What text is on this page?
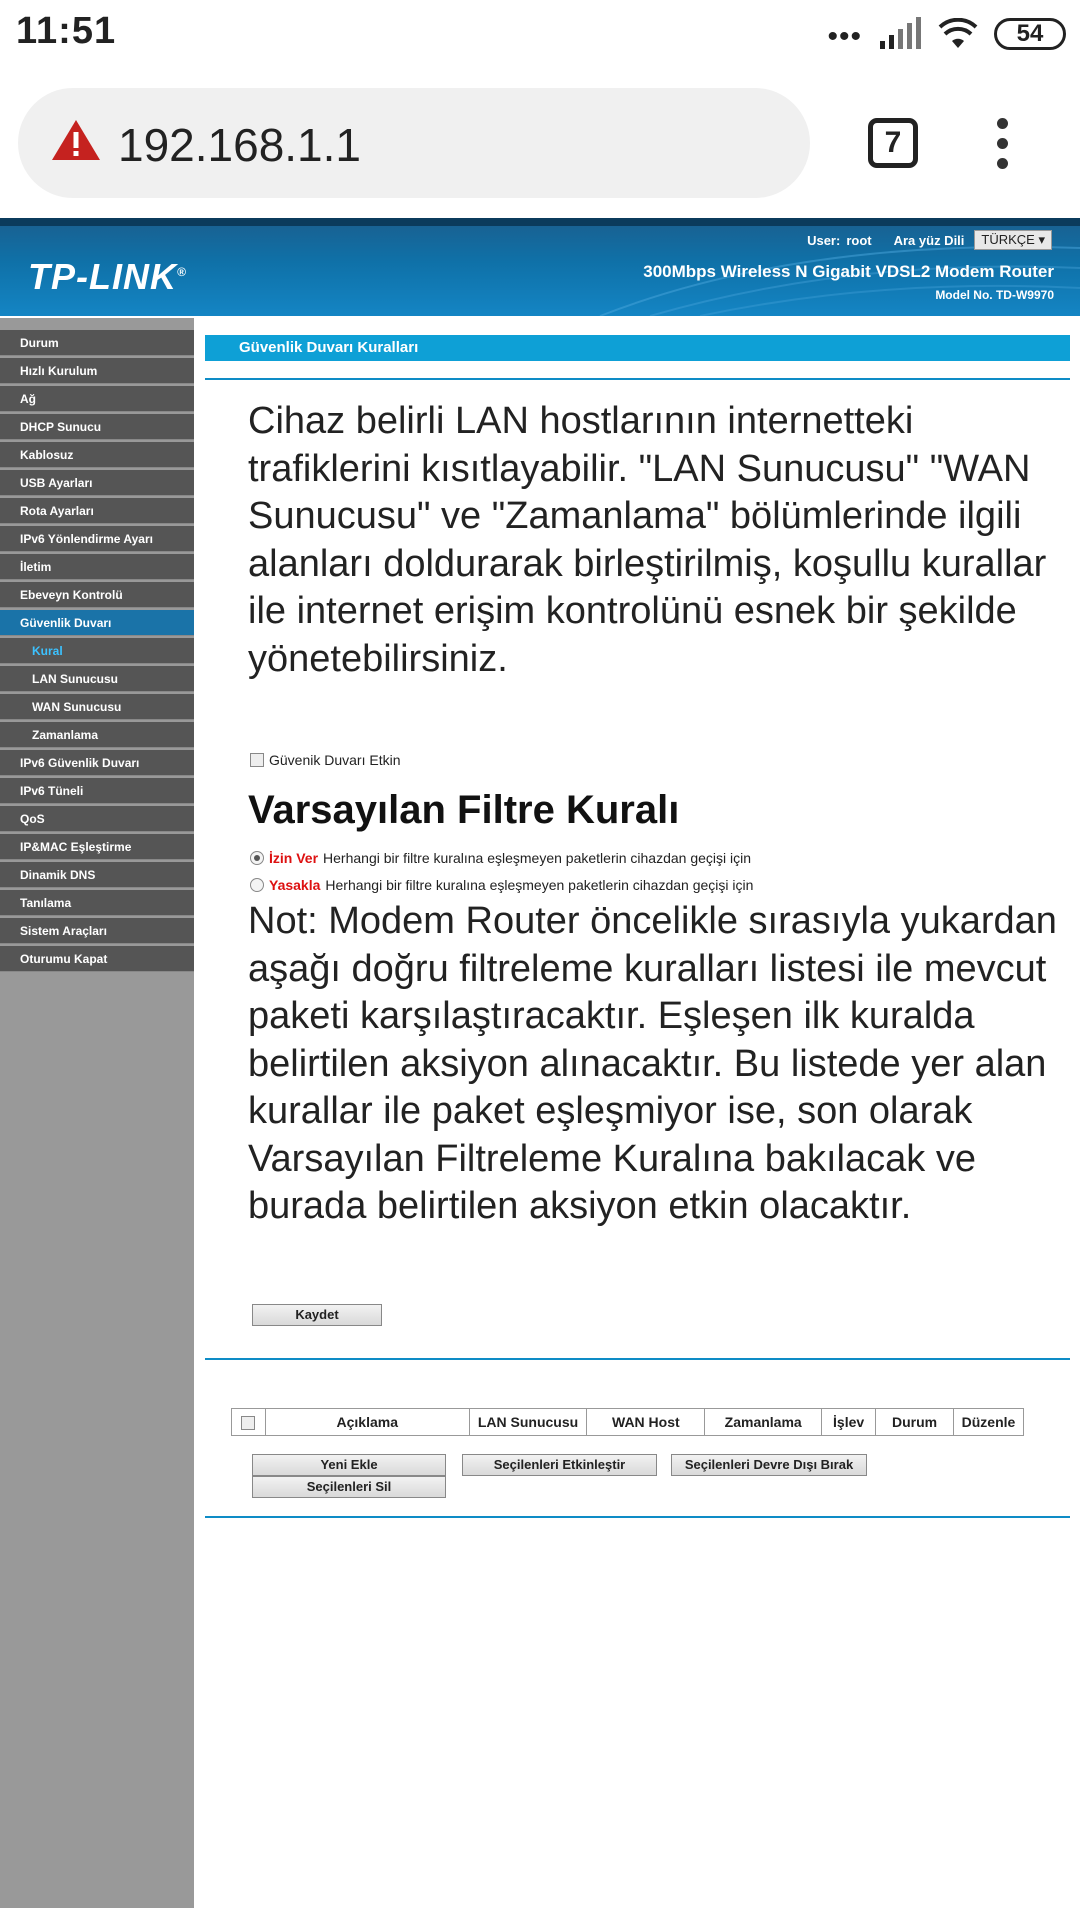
11:51	•••	54
192.168.1.1	7
TP-LINK®
User: root Ara yüz Dili	TÜRKÇE ▾
300Mbps Wireless N Gigabit VDSL2 Modem Router
Model No. TD-W9970
Durum
Hızlı Kurulum
Ağ
DHCP Sunucu
Kablosuz
USB Ayarları
Rota Ayarları
IPv6 Yönlendirme Ayarı
İletim
Ebeveyn Kontrolü
Güvenlik Duvarı
Kural
LAN Sunucusu
WAN Sunucusu
Zamanlama
IPv6 Güvenlik Duvarı
IPv6 Tüneli
QoS
IP&MAC Eşleştirme
Dinamik DNS
Tanılama
Sistem Araçları
Oturumu Kapat
Güvenlik Duvarı Kuralları
Cihaz belirli LAN hostlarının internetteki trafiklerini kısıtlayabilir. "LAN Sunucusu" "WAN Sunucusu" ve "Zamanlama" bölümlerinde ilgili alanları doldurarak birleştirilmiş, koşullu kurallar ile internet erişim kontrolünü esnek bir şekilde yönetebilirsiniz.
Güvenik Duvarı Etkin
Varsayılan Filtre Kuralı
İzin Ver Herhangi bir filtre kuralına eşleşmeyen paketlerin cihazdan geçişi için
Yasakla Herhangi bir filtre kuralına eşleşmeyen paketlerin cihazdan geçişi için
Not: Modem Router öncelikle sırasıyla yukardan aşağı doğru filtreleme kuralları listesi ile mevcut paketi karşılaştıracaktır. Eşleşen ilk kuralda belirtilen aksiyon alınacaktır. Bu listede yer alan kurallar ile paket eşleşmiyor ise, son olarak Varsayılan Filtreleme Kuralına bakılacak ve burada belirtilen aksiyon etkin olacaktır.
Kaydet
	Açıklama	LAN Sunucusu	WAN Host	Zamanlama	İşlev	Durum	Düzenle
Yeni Ekle	Seçilenleri Etkinleştir	Seçilenleri Devre Dışı Bırak
Seçilenleri Sil
